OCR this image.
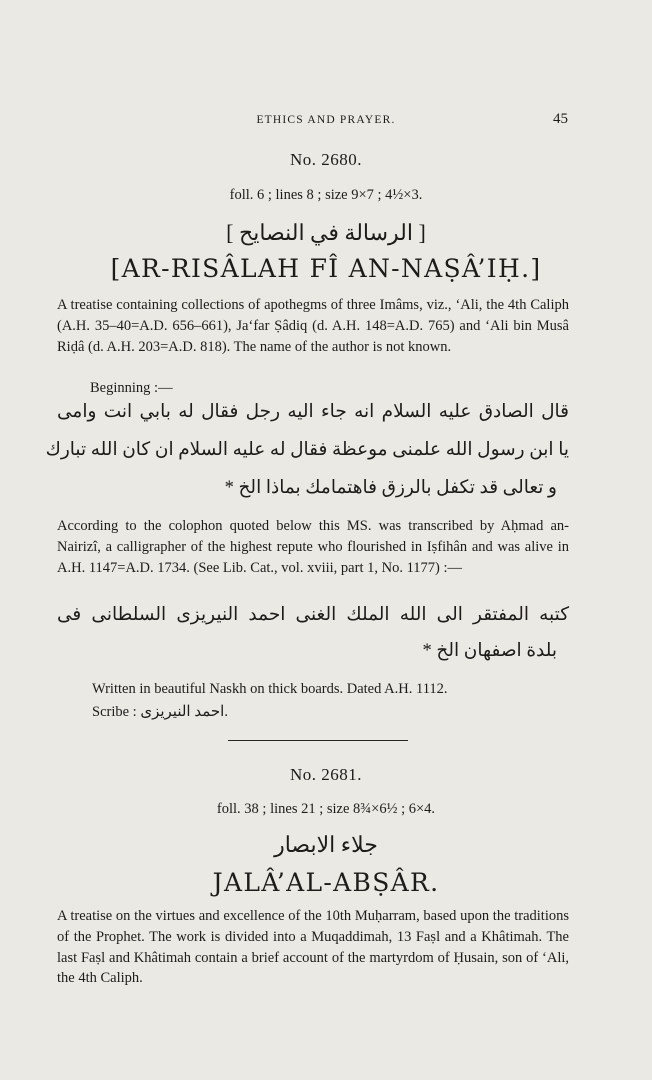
ETHICS AND PRAYER.	45
No. 2680.
foll. 6 ; lines 8 ; size 9×7 ; 4½×3.
[ الرسالة في النصايح ]
[AR-RISÂLAH FÎ AN-NAṢÂ’IḤ.]

A treatise containing collections of apothegms of three Imâms, viz., ‘Ali, the 4th Caliph (A.H. 35–40=A.D. 656–661), Ja‘far Ṣâdiq (d. A.H. 148=A.D. 765) and ‘Ali bin Musâ Riḍâ (d. A.H. 203=A.D. 818). The name of the author is not known.

Beginning :—
قال الصادق عليه السلام انه جاء اليه رجل فقال له بابي انت وامى
يا ابن رسول الله علمنى موعظة فقال له عليه السلام ان كان الله تبارك
و تعالى قد تكفل بالرزق فاهتمامك بماذا الخ *

According to the colophon quoted below this MS. was transcribed by Aḥmad an-Nairizî, a calligrapher of the highest repute who flourished in Iṣfihân and was alive in A.H. 1147=A.D. 1734. (See Lib. Cat., vol. xviii, part 1, No. 1177) :—

كتبه المفتقر الى الله الملك الغنى احمد النيريزى السلطانى فى
بلدة اصفهان الخ *
Written in beautiful Naskh on thick boards. Dated A.H. 1112.
Scribe : احمد النيريزى.
No. 2681.
foll. 38 ; lines 21 ; size 8¾×6½ ; 6×4.
جلاء الابصار
JALÂ’AL-ABṢÂR.

A treatise on the virtues and excellence of the 10th Muḥarram, based upon the traditions of the Prophet. The work is divided into a Muqaddimah, 13 Faṣl and a Khâtimah. The last Faṣl and Khâtimah contain a brief account of the martyrdom of Ḥusain, son of ‘Ali, the 4th Caliph.
